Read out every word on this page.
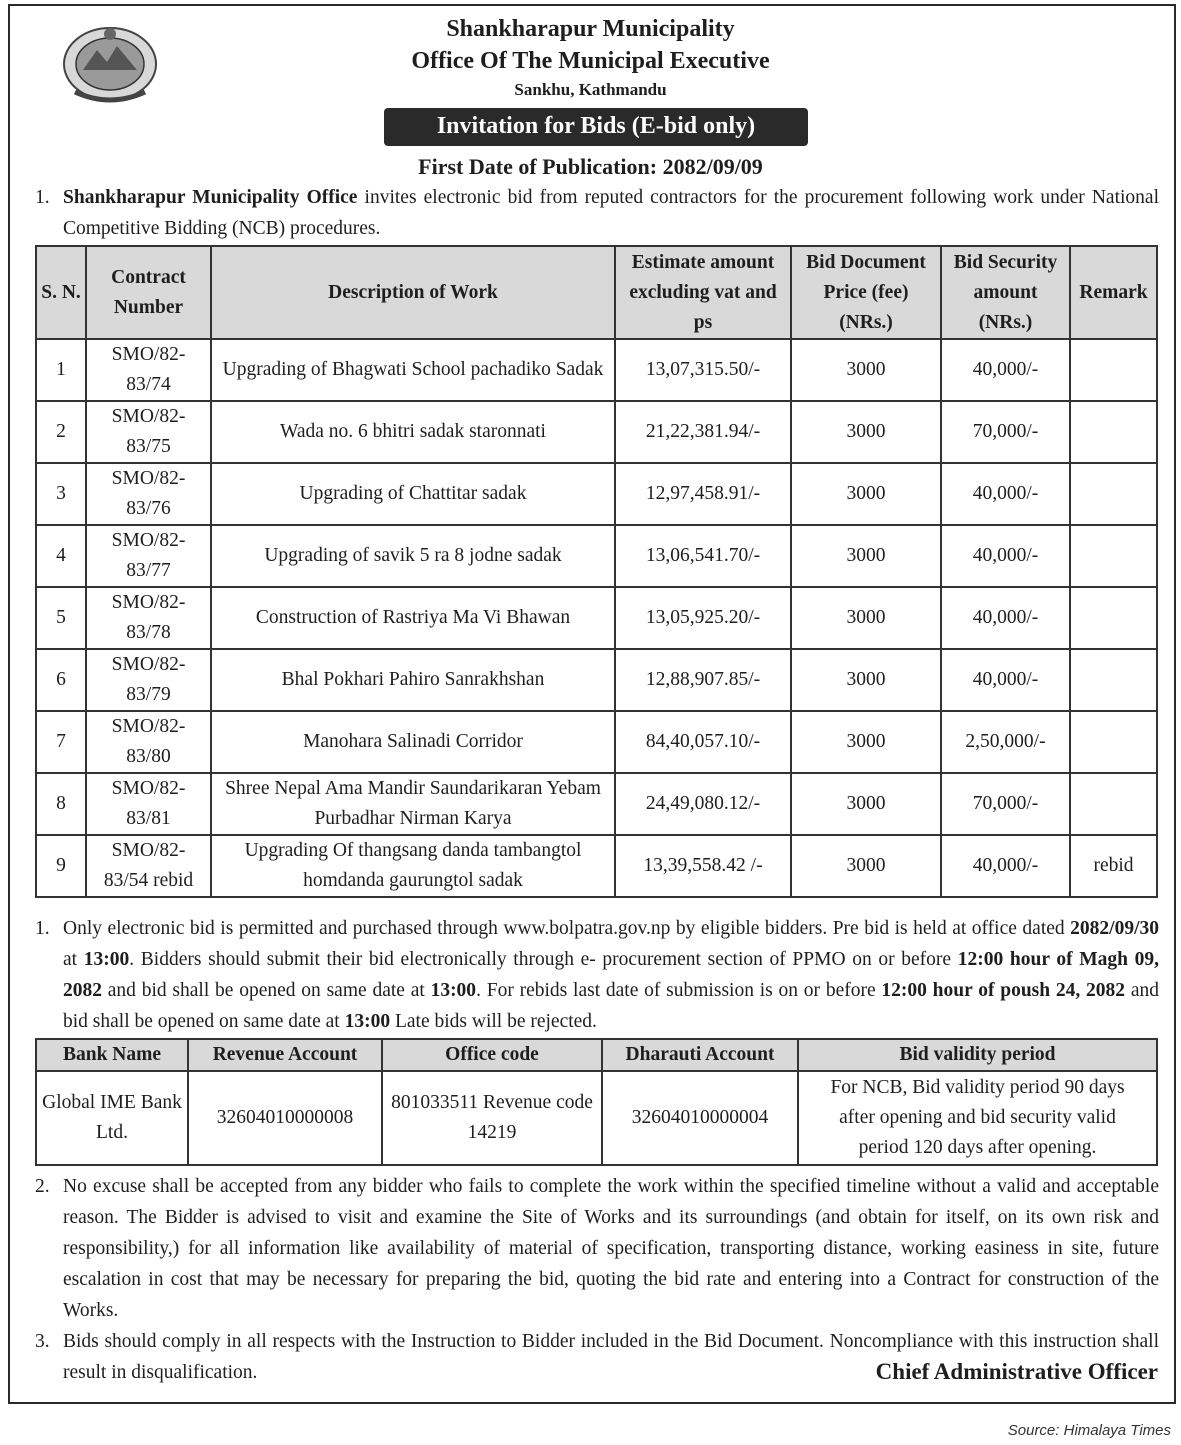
Shankharapur Municipality
Office Of The Municipal Executive
Sankhu, Kathmandu
Invitation for Bids (E-bid only)
First Date of Publication: 2082/09/09
1. Shankharapur Municipality Office invites electronic bid from reputed contractors for the procurement following work under National Competitive Bidding (NCB) procedures.
S. N.	Contract Number	Description of Work	Estimate amount excluding vat and ps	Bid Document Price (fee) (NRs.)	Bid Security amount (NRs.)	Remark
1	SMO/82-83/74	Upgrading of Bhagwati School pachadiko Sadak	13,07,315.50/-	3000	40,000/-	
2	SMO/82-83/75	Wada no. 6 bhitri sadak staronnati	21,22,381.94/-	3000	70,000/-	
3	SMO/82-83/76	Upgrading of Chattitar sadak	12,97,458.91/-	3000	40,000/-	
4	SMO/82-83/77	Upgrading of savik 5 ra 8 jodne sadak	13,06,541.70/-	3000	40,000/-	
5	SMO/82-83/78	Construction of Rastriya Ma Vi Bhawan	13,05,925.20/-	3000	40,000/-	
6	SMO/82-83/79	Bhal Pokhari Pahiro Sanrakhshan	12,88,907.85/-	3000	40,000/-	
7	SMO/82-83/80	Manohara Salinadi Corridor	84,40,057.10/-	3000	2,50,000/-	
8	SMO/82-83/81	Shree Nepal Ama Mandir Saundarikaran Yebam Purbadhar Nirman Karya	24,49,080.12/-	3000	70,000/-	
9	SMO/82-83/54 rebid	Upgrading Of thangsang danda tambangtol homdanda gaurungtol sadak	13,39,558.42 /-	3000	40,000/-	rebid
1. Only electronic bid is permitted and purchased through www.bolpatra.gov.np by eligible bidders. Pre bid is held at office dated 2082/09/30 at 13:00. Bidders should submit their bid electronically through e- procurement section of PPMO on or before 12:00 hour of Magh 09, 2082 and bid shall be opened on same date at 13:00. For rebids last date of submission is on or before 12:00 hour of poush 24, 2082 and bid shall be opened on same date at 13:00 Late bids will be rejected.
Bank Name	Revenue Account	Office code	Dharauti Account	Bid validity period
Global IME Bank Ltd.	32604010000008	801033511 Revenue code 14219	32604010000004	For NCB, Bid validity period 90 days after opening and bid security valid period 120 days after opening.
2. No excuse shall be accepted from any bidder who fails to complete the work within the specified timeline without a valid and acceptable reason. The Bidder is advised to visit and examine the Site of Works and its surroundings (and obtain for itself, on its own risk and responsibility,) for all information like availability of material of specification, transporting distance, working easiness in site, future escalation in cost that may be necessary for preparing the bid, quoting the bid rate and entering into a Contract for construction of the Works.
3. Bids should comply in all respects with the Instruction to Bidder included in the Bid Document. Noncompliance with this instruction shall result in disqualification.	Chief Administrative Officer
Source: Himalaya Times
